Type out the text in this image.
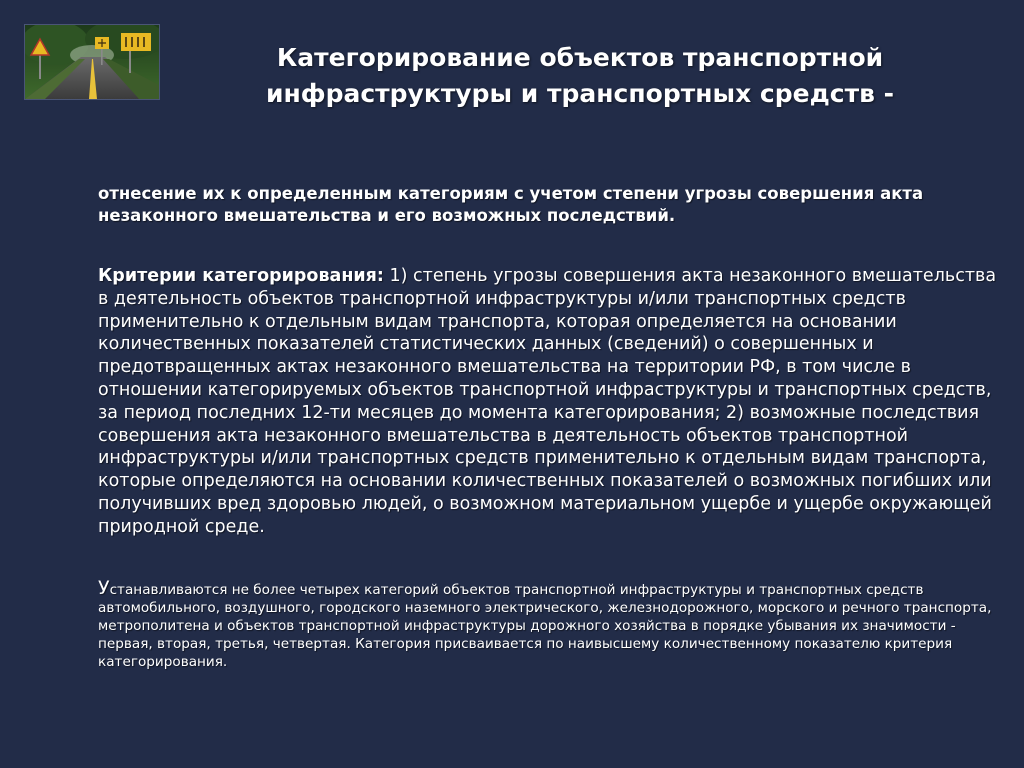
Категорирование объектов транспортной
инфраструктуры и транспортных средств -

отнесение их к определенным категориям с учетом степени угрозы совершения акта незаконного вмешательства и его возможных последствий.

Критерии категорирования: 1) степень угрозы совершения акта незаконного вмешательства в деятельность объектов транспортной инфраструктуры и/или транспортных средств применительно к отдельным видам транспорта, которая определяется на основании количественных показателей статистических данных (сведений) о совершенных и предотвращенных актах незаконного вмешательства на территории РФ, в том числе в отношении категорируемых объектов транспортной инфраструктуры и транспортных средств, за период последних 12-ти месяцев до момента категорирования; 2) возможные последствия совершения акта незаконного вмешательства в деятельность объектов транспортной инфраструктуры и/или транспортных средств применительно к отдельным видам транспорта, которые определяются на основании количественных показателей о возможных погибших или получивших вред здоровью людей, о возможном материальном ущербе и ущербе окружающей природной среде.

Устанавливаются не более четырех категорий объектов транспортной инфраструктуры и транспортных средств автомобильного, воздушного, городского наземного электрического, железнодорожного, морского и речного транспорта, метрополитена и объектов транспортной инфраструктуры дорожного хозяйства в порядке убывания их значимости - первая, вторая, третья, четвертая. Категория присваивается по наивысшему количественному показателю критерия категорирования.
